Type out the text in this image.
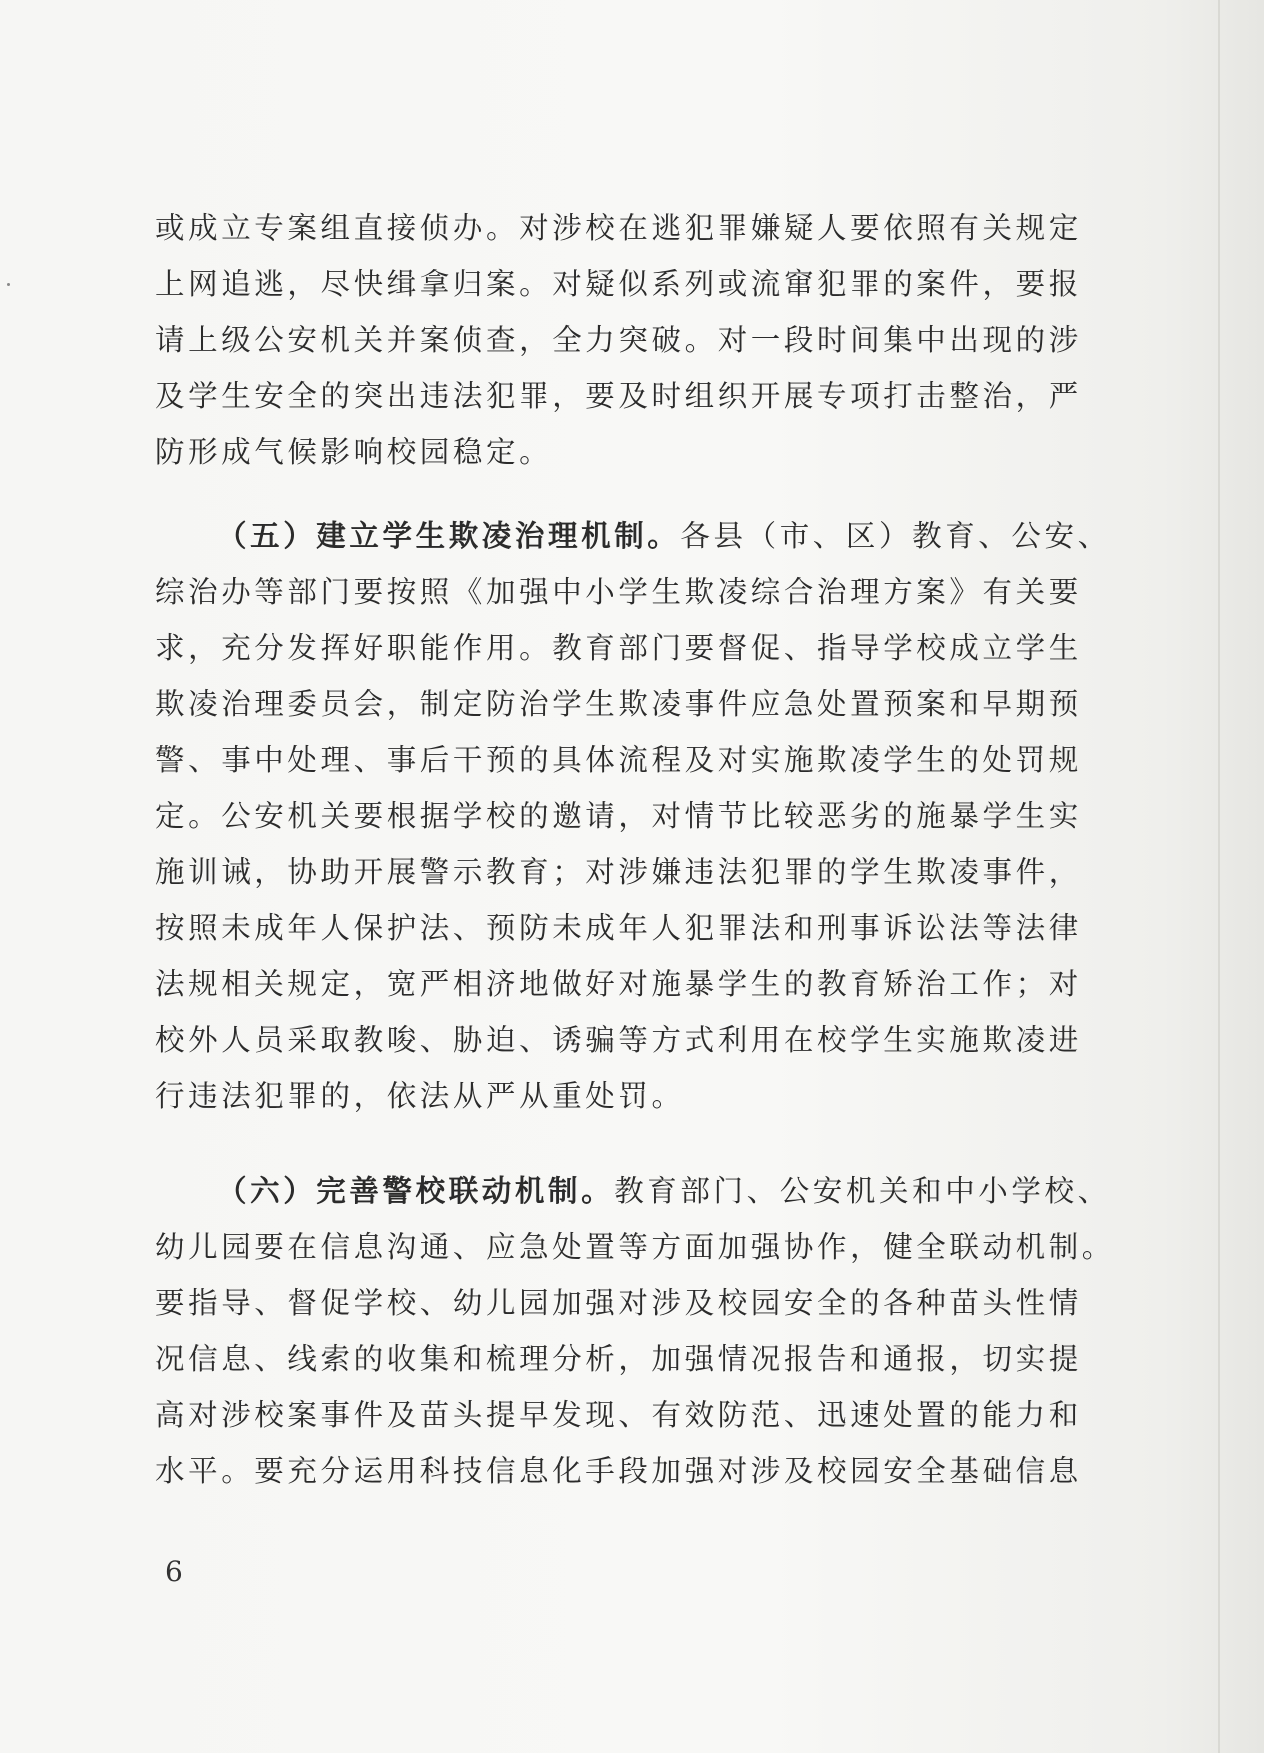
或成立专案组直接侦办。对涉校在逃犯罪嫌疑人要依照有关规定
上网追逃，尽快缉拿归案。对疑似系列或流窜犯罪的案件，要报
请上级公安机关并案侦查，全力突破。对一段时间集中出现的涉
及学生安全的突出违法犯罪，要及时组织开展专项打击整治，严
防形成气候影响校园稳定。
（五）建立学生欺凌治理机制。各县（市、区）教育、公安、
综治办等部门要按照《加强中小学生欺凌综合治理方案》有关要
求，充分发挥好职能作用。教育部门要督促、指导学校成立学生
欺凌治理委员会，制定防治学生欺凌事件应急处置预案和早期预
警、事中处理、事后干预的具体流程及对实施欺凌学生的处罚规
定。公安机关要根据学校的邀请，对情节比较恶劣的施暴学生实
施训诫，协助开展警示教育；对涉嫌违法犯罪的学生欺凌事件，
按照未成年人保护法、预防未成年人犯罪法和刑事诉讼法等法律
法规相关规定，宽严相济地做好对施暴学生的教育矫治工作；对
校外人员采取教唆、胁迫、诱骗等方式利用在校学生实施欺凌进
行违法犯罪的，依法从严从重处罚。
（六）完善警校联动机制。教育部门、公安机关和中小学校、
幼儿园要在信息沟通、应急处置等方面加强协作，健全联动机制。
要指导、督促学校、幼儿园加强对涉及校园安全的各种苗头性情
况信息、线索的收集和梳理分析，加强情况报告和通报，切实提
高对涉校案事件及苗头提早发现、有效防范、迅速处置的能力和
水平。要充分运用科技信息化手段加强对涉及校园安全基础信息
6
